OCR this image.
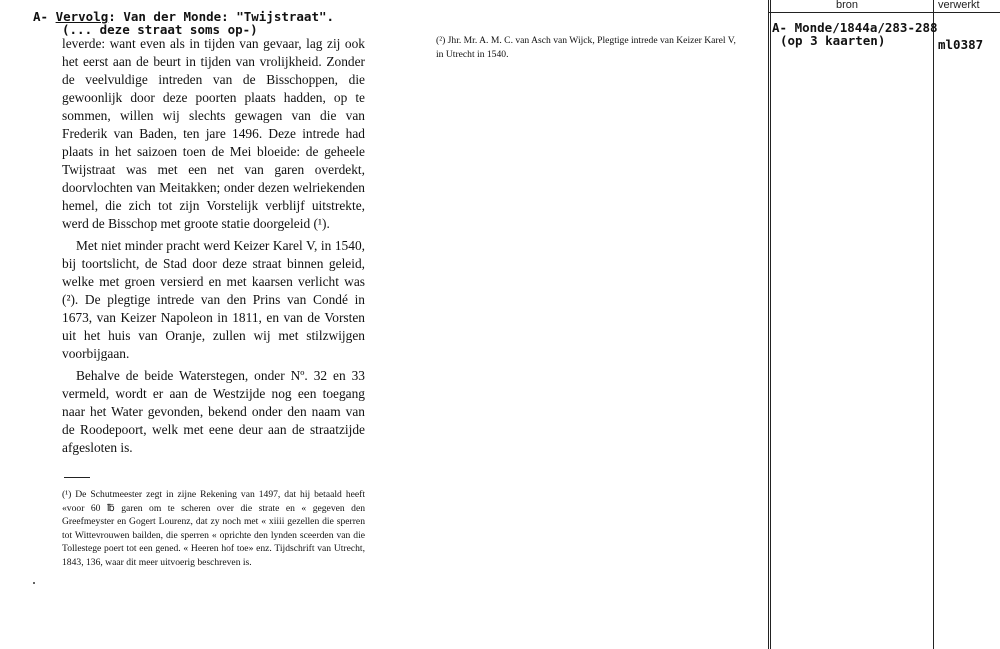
A- Vervolg: Van der Monde: "Twijstraat".
(... deze straat soms op-)

leverde: want even als in tijden van gevaar, lag zij ook het eerst aan de beurt in tijden van vrolijkheid. Zonder de veelvuldige intreden van de Bisschoppen, die gewoonlijk door deze poorten plaats hadden, op te sommen, willen wij slechts gewagen van die van Frederik van Baden, ten jare 1496. Deze intrede had plaats in het saizoen toen de Mei bloeide: de geheele Twijstraat was met een net van garen overdekt, doorvlochten van Meitakken; onder dezen welriekenden hemel, die zich tot zijn Vorstelijk verblijf uitstrekte, werd de Bisschop met groote statie doorgeleid (¹).

Met niet minder pracht werd Keizer Karel V, in 1540, bij toortslicht, de Stad door deze straat binnen geleid, welke met groen versierd en met kaarsen verlicht was (²). De plegtige intrede van den Prins van Condé in 1673, van Keizer Napoleon in 1811, en van de Vorsten uit het huis van Oranje, zullen wij met stilzwijgen voorbijgaan.

Behalve de beide Waterstegen, onder Nº. 32 en 33 vermeld, wordt er aan de Westzijde nog een toegang naar het Water gevonden, bekend onder den naam van de Roodepoort, welk met eene deur aan de straatzijde afgesloten is.

(¹) De Schutmeester zegt in zijne Rekening van 1497, dat hij betaald heeft «voor 60 ℔ garen om te scheren over die strate en « gegeven den Greefmeyster en Gogert Lourenz, dat zy noch met « xiiii gezellen die sperren tot Wittevrouwen bailden, die sperren « oprichte den lynden sceerden van die Tollestege poert tot een gened. « Heeren hof toe» enz. Tijdschrift van Utrecht, 1843, 136, waar dit meer uitvoerig beschreven is.

(²) Jhr. Mr. A. M. C. van Asch van Wijck, Plegtige intrede van Keizer Karel V, in Utrecht in 1540.
bron	verwerkt
A- Monde/1844a/283-288
(op 3 kaarten)	ml0387
